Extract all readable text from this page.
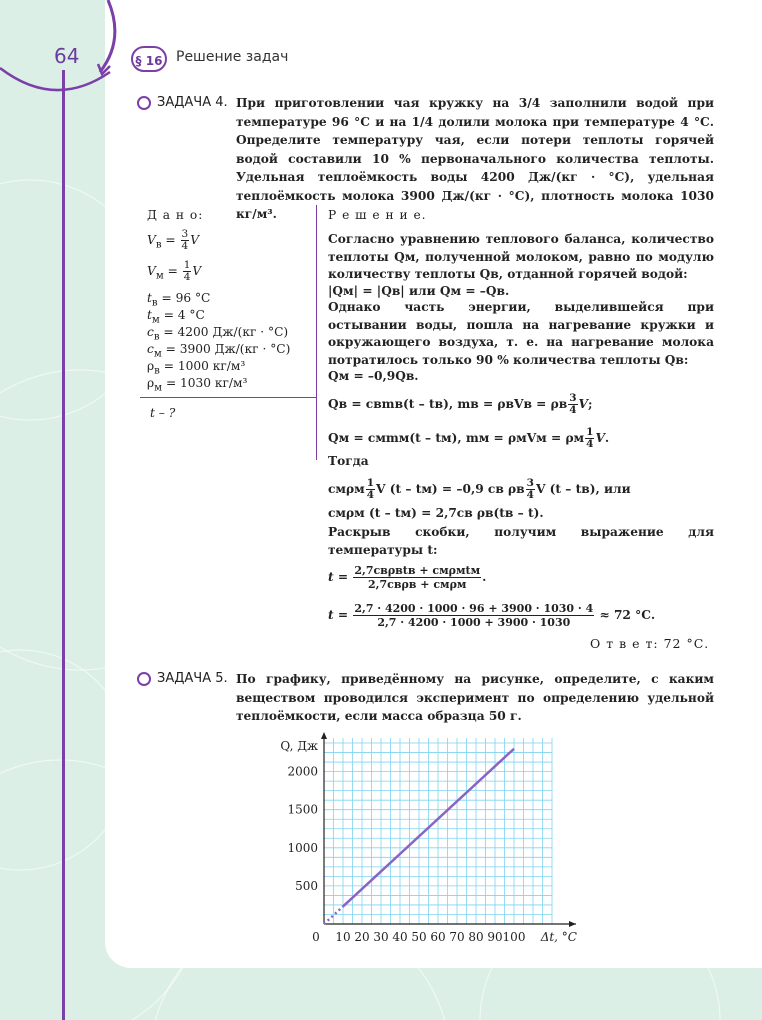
64	§ 16 Решение задач
ЗАДАЧА 4. При приготовлении чая кружку на 3/4 заполнили водой при температуре 96 °С и на 1/4 долили молока при температуре 4 °С. Определите температуру чая, если потери теплоты горячей водой составили 10 % первоначального количества теплоты. Удельная теплоёмкость воды 4200 Дж/(кг · °С), удельная теплоёмкость молока 3900 Дж/(кг · °С), плотность молока 1030 кг/м³.
Д а н о:
$V_в = \frac{3}{4}$ V
$V_м = \frac{1}{4}$ V
$t_в = 96$ °С
$t_м = 4$ °С
$c_в = 4200$ Дж/(кг · °С)
$c_м = 3900$ Дж/(кг · °С)
$\rho_в = 1000$ кг/м³
$\rho_м = 1030$ кг/м³
t – ?
Р е ш е н и е.
Согласно уравнению теплового баланса, количество теплоты Qм, полученной молоком, равно по модулю количеству теплоты Qв, отданной горячей водой:
|Qм| = |Qв| или Qм = –Qв.
Однако часть энергии, выделившейся при остывании воды, пошла на нагревание кружки и окружающего воздуха, т. е. на нагревание молока потратилось только 90 % количества теплоты Qв:
Qм = –0,9Qв.
Qв = cвmв(t – tв), mв = ρвVв = ρв $\frac{3}{4} V$;
Qм = cмmм(t – tм), mм = ρмVм = ρм $\frac{1}{4} V$.
Тогда
cмρм $\frac{1}{4}$ V (t – tм) = –0,9 cв ρв $\frac{3}{4}$ V (t – tв), или
cмρм (t – tм) = 2,7cв ρв(tв – t).
Раскрыв скобки, получим выражение для температуры t:
$t = \frac{\text{2,7cвρвtв + cмρмtм}}{\text{2,7cвρв + cмρм}}$ .
$t = \frac{2,7 \cdot 4200 \cdot 1000 \cdot 96 + 3900 \cdot 1030 \cdot 4}{2,7 \cdot 4200 \cdot 1000 + 3900 \cdot 1030} \approx 72$ °С.
О т в е т: 72 °С.
ЗАДАЧА 5. По графику, приведённому на рисунке, определите, с каким веществом проводился эксперимент по определению удельной теплоёмкости, если масса образца 50 г.
0 10 20 30 40 50 60 70 80 90 100
500
1000
1500
2000
Q, Дж
Δt, °C
